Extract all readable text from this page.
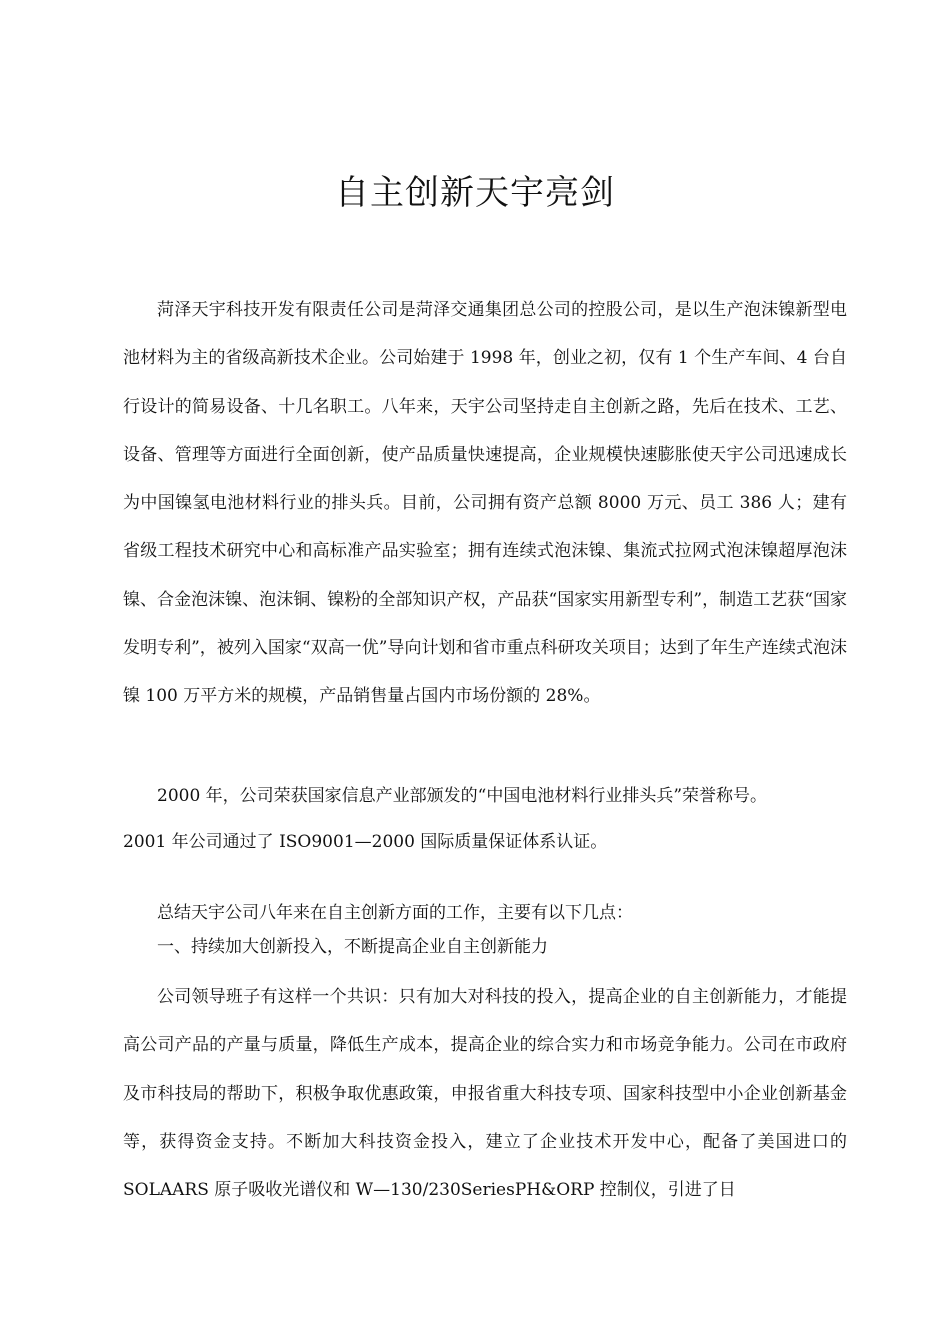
自主创新天宇亮剑
菏泽天宇科技开发有限责任公司是菏泽交通集团总公司的控股公司，是以生产泡沫镍新型电池材料为主的省级高新技术企业。公司始建于 1998 年，创业之初，仅有 1 个生产车间、4 台自行设计的简易设备、十几名职工。八年来，天宇公司坚持走自主创新之路，先后在技术、工艺、设备、管理等方面进行全面创新，使产品质量快速提高，企业规模快速膨胀使天宇公司迅速成长为中国镍氢电池材料行业的排头兵。目前，公司拥有资产总额 8000 万元、员工 386 人；建有省级工程技术研究中心和高标准产品实验室；拥有连续式泡沫镍、集流式拉网式泡沫镍超厚泡沫镍、合金泡沫镍、泡沫铜、镍粉的全部知识产权，产品获“国家实用新型专利”，制造工艺获“国家发明专利”，被列入国家“双高一优”导向计划和省市重点科研攻关项目；达到了年生产连续式泡沫镍 100 万平方米的规模，产品销售量占国内市场份额的 28%。
2000 年，公司荣获国家信息产业部颁发的“中国电池材料行业排头兵”荣誉称号。
2001 年公司通过了 ISO9001—2000 国际质量保证体系认证。
总结天宇公司八年来在自主创新方面的工作，主要有以下几点：
一、持续加大创新投入，不断提高企业自主创新能力
公司领导班子有这样一个共识：只有加大对科技的投入，提高企业的自主创新能力，才能提高公司产品的产量与质量，降低生产成本，提高企业的综合实力和市场竞争能力。公司在市政府及市科技局的帮助下，积极争取优惠政策，申报省重大科技专项、国家科技型中小企业创新基金等，获得资金支持。不断加大科技资金投入，建立了企业技术开发中心，配备了美国进口的 SOLAARS 原子吸收光谱仪和 W—130/230SeriesPH&ORP 控制仪，引进了日
